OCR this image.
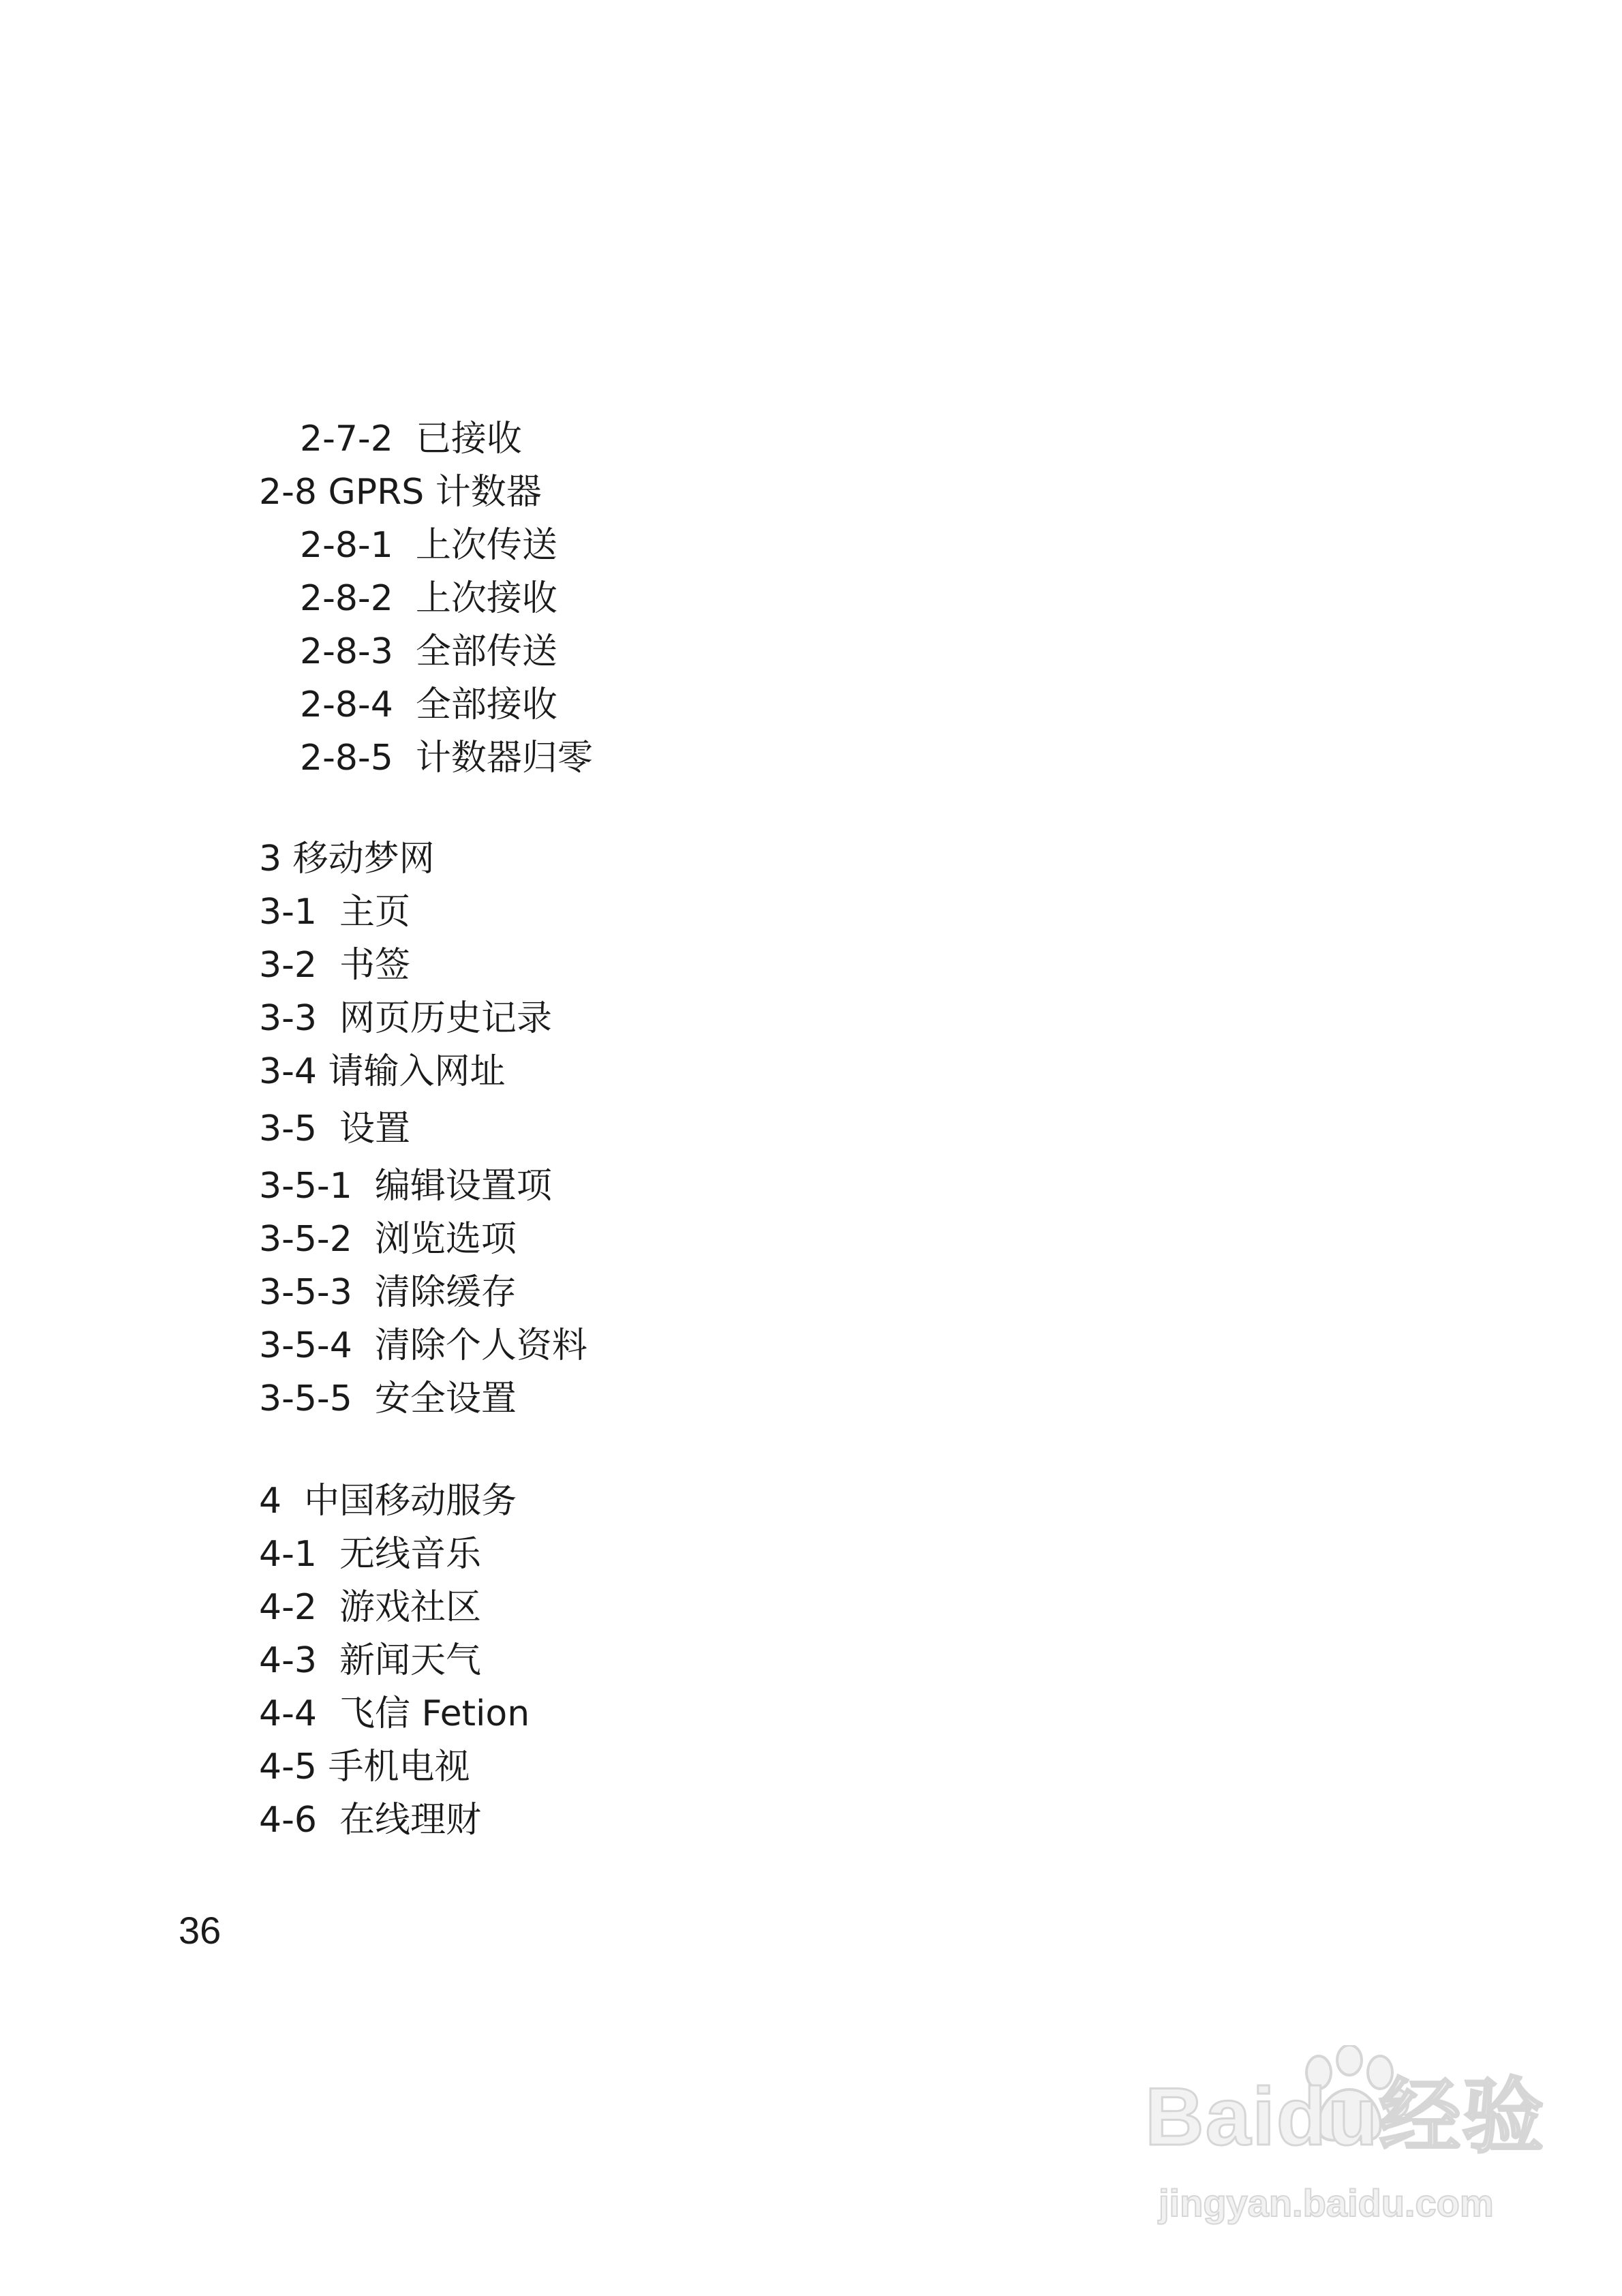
2-7-2  已接收
2-8 GPRS 计数器
2-8-1  上次传送
2-8-2  上次接收
2-8-3  全部传送
2-8-4  全部接收
2-8-5  计数器归零
3 移动梦网
3-1  主页
3-2  书签
3-3  网页历史记录
3-4 请输入网址
3-5  设置
3-5-1  编辑设置项
3-5-2  浏览选项
3-5-3  清除缓存
3-5-4  清除个人资料
3-5-5  安全设置
4  中国移动服务
4-1  无线音乐
4-2  游戏社区
4-3  新闻天气
4-4  飞信 Fetion
4-5 手机电视
4-6  在线理财
36
Baidu经验
jingyan.baidu.com
